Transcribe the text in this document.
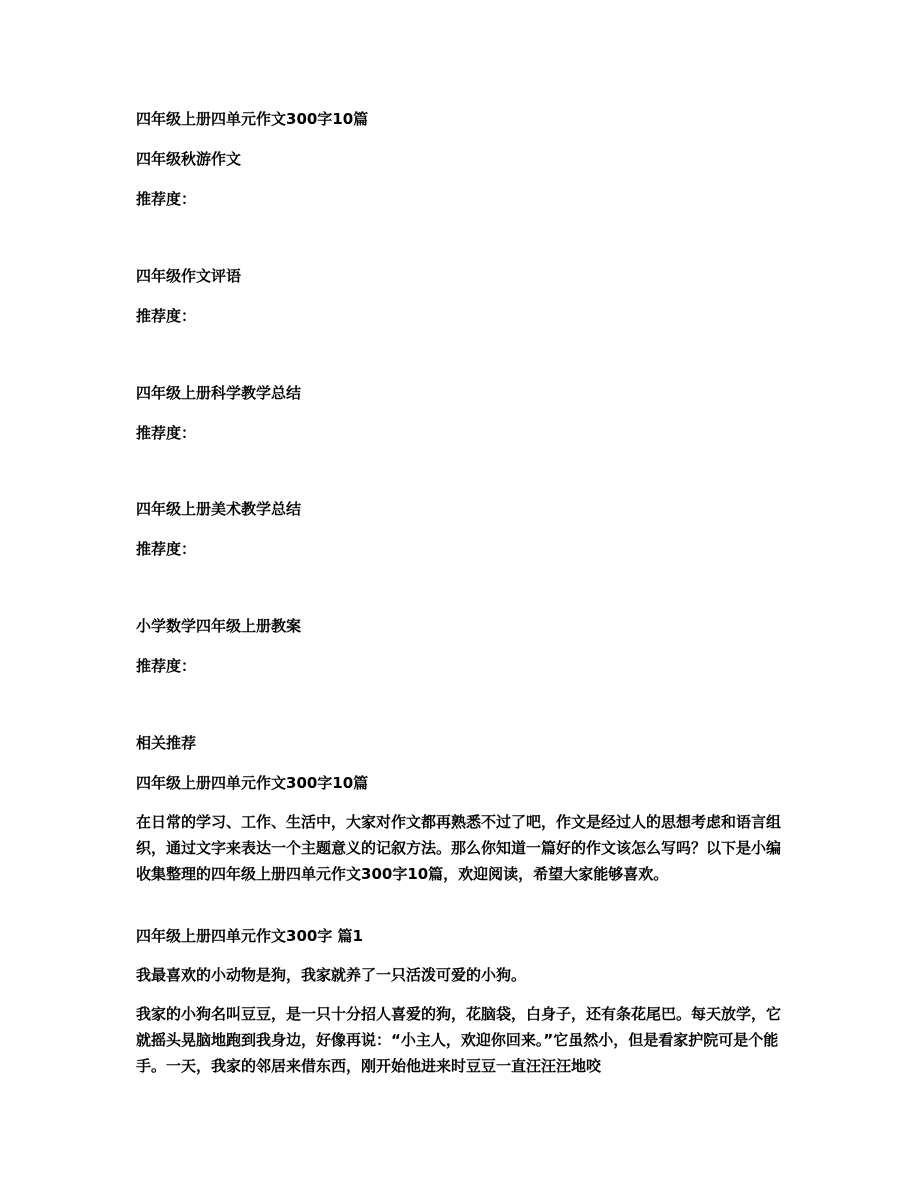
四年级上册四单元作文300字10篇
四年级秋游作文
推荐度：
四年级作文评语
推荐度：
四年级上册科学教学总结
推荐度：
四年级上册美术教学总结
推荐度：
小学数学四年级上册教案
推荐度：
相关推荐
四年级上册四单元作文300字10篇
在日常的学习、工作、生活中，大家对作文都再熟悉不过了吧，作文是经过人的思想考虑和语言组织，通过文字来表达一个主题意义的记叙方法。那么你知道一篇好的作文该怎么写吗？以下是小编收集整理的四年级上册四单元作文300字10篇，欢迎阅读，希望大家能够喜欢。
四年级上册四单元作文300字 篇1
我最喜欢的小动物是狗，我家就养了一只活泼可爱的小狗。
我家的小狗名叫豆豆，是一只十分招人喜爱的狗，花脑袋，白身子，还有条花尾巴。每天放学，它就摇头晃脑地跑到我身边，好像再说：“小主人，欢迎你回来。”它虽然小，但是看家护院可是个能手。一天，我家的邻居来借东西，刚开始他进来时豆豆一直汪汪汪地咬
